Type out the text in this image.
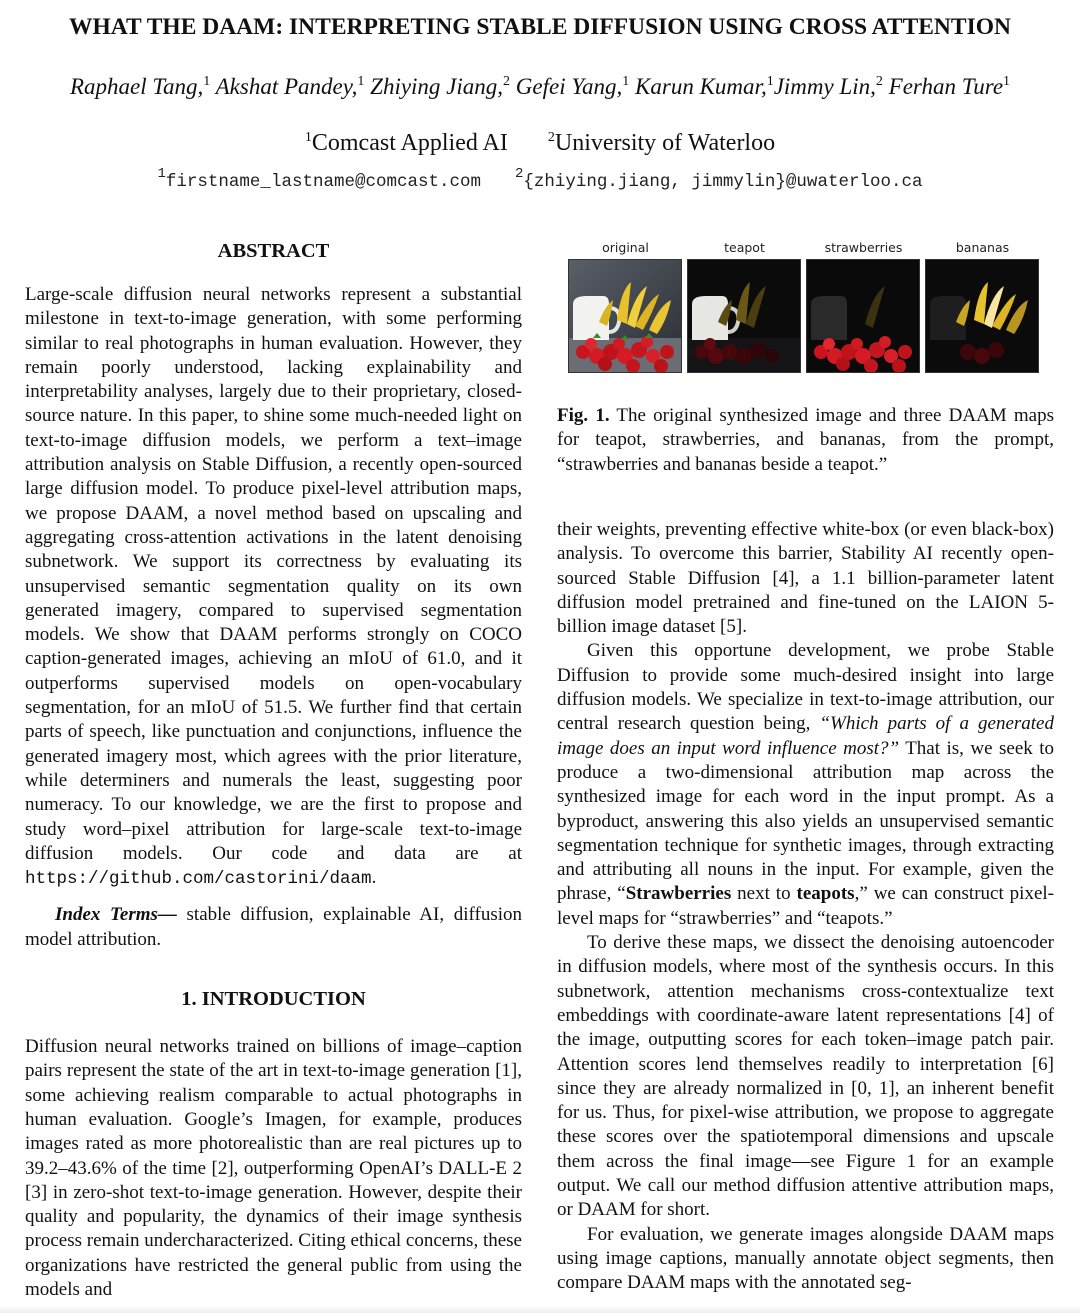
WHAT THE DAAM: INTERPRETING STABLE DIFFUSION USING CROSS ATTENTION
Raphael Tang,$^1$ Akshat Pandey,$^1$ Zhiying Jiang,$^2$ Gefei Yang,$^1$ Karun Kumar,$^1$Jimmy Lin,$^2$ Ferhan Ture$^1$
$^1$Comcast Applied AI	$^2$University of Waterloo
$^1$firstname_lastname@comcast.com $^2${zhiying.jiang, jimmylin}@uwaterloo.ca
ABSTRACT

Large-scale diffusion neural networks represent a substantial milestone in text-to-image generation, with some performing similar to real photographs in human evaluation. However, they remain poorly understood, lacking explainability and interpretability analyses, largely due to their proprietary, closed-source nature. In this paper, to shine some much-needed light on text-to-image diffusion models, we perform a text–image attribution analysis on Stable Diffusion, a recently open-sourced large diffusion model. To produce pixel-level attribution maps, we propose DAAM, a novel method based on upscaling and aggregating cross-attention activations in the latent denoising subnetwork. We support its correctness by evaluating its unsupervised semantic segmentation quality on its own generated imagery, compared to supervised segmentation models. We show that DAAM performs strongly on COCO caption-generated images, achieving an mIoU of 61.0, and it outperforms supervised models on open-vocabulary segmentation, for an mIoU of 51.5. We further find that certain parts of speech, like punctuation and conjunctions, influence the generated imagery most, which agrees with the prior literature, while determiners and numerals the least, suggesting poor numeracy. To our knowledge, we are the first to propose and study word–pixel attribution for large-scale text-to-image diffusion models. Our code and data are at https://github.com/castorini/daam.

Index Terms— stable diffusion, explainable AI, diffusion model attribution.

1. INTRODUCTION

Diffusion neural networks trained on billions of image–caption pairs represent the state of the art in text-to-image generation [1], some achieving realism comparable to actual photographs in human evaluation. Google’s Imagen, for example, produces images rated as more photorealistic than are real pictures up to 39.2–43.6% of the time [2], outperforming OpenAI’s DALL-E 2 [3] in zero-shot text-to-image generation. However, despite their quality and popularity, the dynamics of their image synthesis process remain undercharacterized. Citing ethical concerns, these organizations have restricted the general public from using the models and

original	teapot	strawberries	bananas

Fig. 1. The original synthesized image and three DAAM maps for teapot, strawberries, and bananas, from the prompt, “strawberries and bananas beside a teapot.”

their weights, preventing effective white-box (or even black-box) analysis. To overcome this barrier, Stability AI recently open-sourced Stable Diffusion [4], a 1.1 billion-parameter latent diffusion model pretrained and fine-tuned on the LAION 5-billion image dataset [5].

Given this opportune development, we probe Stable Diffusion to provide some much-desired insight into large diffusion models. We specialize in text-to-image attribution, our central research question being, “Which parts of a generated image does an input word influence most?” That is, we seek to produce a two-dimensional attribution map across the synthesized image for each word in the input prompt. As a byproduct, answering this also yields an unsupervised semantic segmentation technique for synthetic images, through extracting and attributing all nouns in the input. For example, given the phrase, “Strawberries next to teapots,” we can construct pixel-level maps for “strawberries” and “teapots.”

To derive these maps, we dissect the denoising autoencoder in diffusion models, where most of the synthesis occurs. In this subnetwork, attention mechanisms cross-contextualize text embeddings with coordinate-aware latent representations [4] of the image, outputting scores for each token–image patch pair. Attention scores lend themselves readily to interpretation [6] since they are already normalized in [0, 1], an inherent benefit for us. Thus, for pixel-wise attribution, we propose to aggregate these scores over the spatiotemporal dimensions and upscale them across the final image—see Figure 1 for an example output. We call our method diffusion attentive attribution maps, or DAAM for short.

For evaluation, we generate images alongside DAAM maps using image captions, manually annotate object segments, then compare DAAM maps with the annotated seg-
